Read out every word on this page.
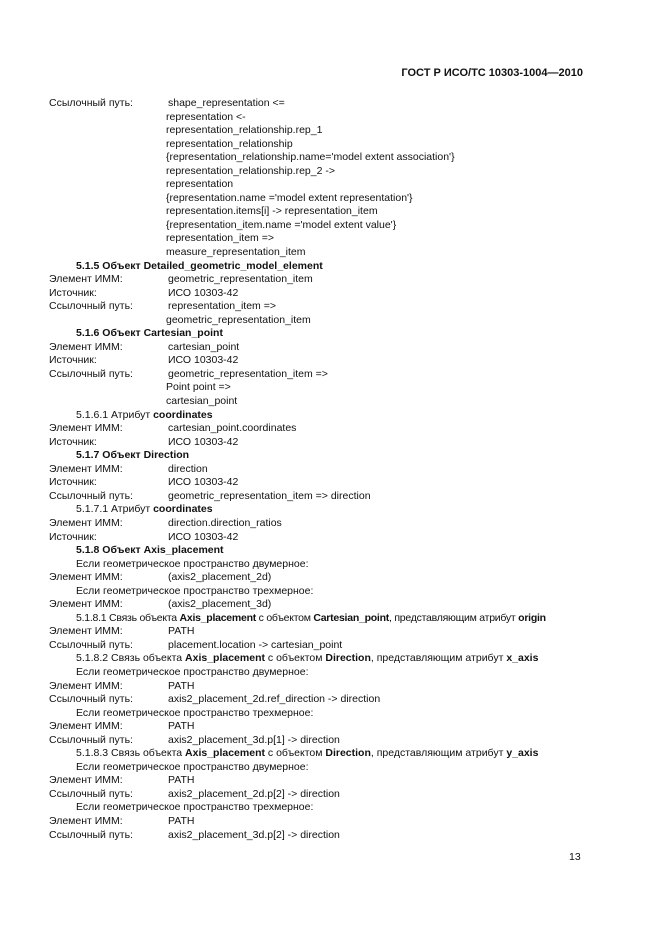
ГОСТ Р ИСО/ТС 10303-1004—2010
Ссылочный путь:	shape_representation <=
representation <-
representation_relationship.rep_1
representation_relationship
{representation_relationship.name='model extent association'}
representation_relationship.rep_2 ->
representation
{representation.name ='model extent representation'}
representation.items[i] -> representation_item
{representation_item.name ='model extent value'}
representation_item =>
measure_representation_item
5.1.5 Объект Detailed_geometric_model_element
Элемент ИММ:	geometric_representation_item
Источник:	ИСО 10303-42
Ссылочный путь:	representation_item =>
geometric_representation_item
5.1.6 Объект Cartesian_point
Элемент ИММ:	cartesian_point
Источник:	ИСО 10303-42
Ссылочный путь:	geometric_representation_item =>
Point point =>
cartesian_point
5.1.6.1 Атрибут coordinates
Элемент ИММ:	cartesian_point.coordinates
Источник:	ИСО 10303-42
5.1.7 Объект Direction
Элемент ИММ:	direction
Источник:	ИСО 10303-42
Ссылочный путь:	geometric_representation_item => direction
5.1.7.1 Атрибут coordinates
Элемент ИММ:	direction.direction_ratios
Источник:	ИСО 10303-42
5.1.8 Объект Axis_placement
Если геометрическое пространство двумерное:
Элемент ИММ:	(axis2_placement_2d)
Если геометрическое пространство трехмерное:
Элемент ИММ:	(axis2_placement_3d)
5.1.8.1 Связь объекта Axis_placement с объектом Cartesian_point, представляющим атрибут origin
Элемент ИММ:	PATH
Ссылочный путь:	placement.location -> cartesian_point
5.1.8.2 Связь объекта Axis_placement с объектом Direction, представляющим атрибут x_axis
Если геометрическое пространство двумерное:
Элемент ИММ:	PATH
Ссылочный путь:	axis2_placement_2d.ref_direction -> direction
Если геометрическое пространство трехмерное:
Элемент ИММ:	PATH
Ссылочный путь:	axis2_placement_3d.p[1] -> direction
5.1.8.3 Связь объекта Axis_placement с объектом Direction, представляющим атрибут y_axis
Если геометрическое пространство двумерное:
Элемент ИММ:	PATH
Ссылочный путь:	axis2_placement_2d.p[2] -> direction
Если геометрическое пространство трехмерное:
Элемент ИММ:	PATH
Ссылочный путь:	axis2_placement_3d.p[2] -> direction
13
